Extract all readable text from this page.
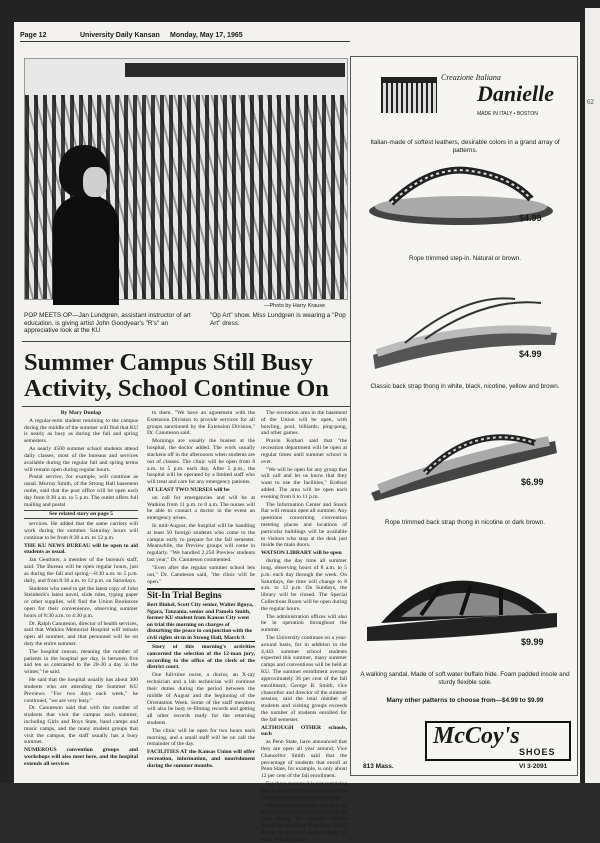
62
Page 12	University Daily Kansan Monday, May 17, 1965
—Photo by Harry Krause
POP MEETS OP—Jan Lundgren, assistant instructor of art education, is giving artist John Goodyear's "R's" an appreciative look at the KU
"Op Art" show. Miss Lundgren is wearing a "Pop Art" dress.
Summer Campus Still Busy Activity, School Continue On

By Mary Dunlap

A regular-term student returning to the campus during the middle of the summer will find that KU is nearly as busy as during the fall and spring semesters.

As nearly 4500 summer school students attend daily classes, most of the bureaus and services available during the regular fall and spring terms will remain open during regular hours.

Postal service, for example, will continue as usual. Murray Smith, of the Strong Hall basement outlet, said that the post office will be open each day from 8:30 a.m. to 5 p.m. The outlet offers full mailing and postal

See related story on page 5

services. He added that the same carriers will work during the summer. Saturday hours will continue to be from 8:30 a.m. to 12 p.m.

THE KU NEWS BUREAU will be open to aid students as usual.

Jan Geuthner, a member of the bureau's staff, said. The Bureau will be open regular hours, just as during the fall and spring—8:30 a.m. to 5 p.m. daily, and from 8:30 a.m. to 12 p.m. on Saturdays.

Students who need to get the latest copy of John Steinbeck's latest novel, slide rules, typing paper or other supplies, will find the Union Bookstore open for their convenience, observing summer hours of 8:30 a.m. to 4:30 p.m.

Dr. Ralph Canuteson, director of health services, said that Watkins Memorial Hospital will remain open all summer, and that personnel will be on duty the entire summer.

The hospital census, meaning the number of patients in the hospital per day, is between five and ten as contrasted to the 20-30 a day in the winter," he said.

He said that the hospital usually has about 300 students who are attending the Summer KU Previews. "For two days each week," he continued, "we are very busy."

Dr. Canuteson said that with the number of students that visit the campus each summer, including Girls and Boys State, band camps and music camps, and the many student groups that visit the campus, the staff usually has a busy summer.

NUMEROUS convention groups and workshops will also meet here, and the hospital extends all services

to them. "We have an agreement with the Extension Division to provide services for all groups sanctioned by the Extension Division," Dr. Canuteson said.

Mornings are usually the busiest at the hospital, the doctor added. The work usually slackens off in the afternoons when students are out of classes. The clinic will be open from 8 a.m. to 5 p.m. each day. After 5 p.m., the hospital will be operated by a limited staff who will treat and care for any emergency patients.

AT LEAST TWO NURSES will be

on call for emergencies and will be at Watkins from 11 p.m. to 8 a.m. The nurses will be able to contact a doctor in the event an emergency arises.

In mid-August, the hospital will be handling at least 50 foreign students who come to the campus early to prepare for the fall semester. Meanwhile, the Preview groups will come in regularly. "We handled 2,250 Preview students last year," Dr. Canuteson commented.

"Even after the regular summer school lets out," Dr. Canuteson said, "the clinic will be open."

Sit-In Trial Begins

Bert Binkel, Scott City senior, Walter Bgoya, Ngara, Tanzania, senior and Pamela Smith, former KU student from Kansas City went on trial this morning on charges of disturbing the peace in conjunction with the civil rights sit-in in Strong Hall, March 9.

Story of this morning's activities concerned the selection of the 12-man jury, according to the office of the clerk of the district court.

One full-time nurse, a doctor, an X-ray technician and a lab technician will continue their duties during the period between the middle of August and the beginning of the Orientation Week. Some of the staff members will also be busy re-filming records and getting all other records ready for the returning students.

The clinic will be open for two hours each morning, and a small staff will be on call the remainder of the day.

FACILITIES AT the Kansas Union will offer recreation, information, and nourishment during the summer months.

The recreation area in the basement of the Union will be open, with bowling, pool, billiards, ping-pong, and other games.

Pravin Kothari said that "the recreation department will be open at regular times until summer school is over.

"We will be open for any group that will call and let us know that they want to use the facilities," Kothari added. The area will be open each evening from 6 to 11 p.m.

The Information Center and Snack Bar will remain open all summer. Any questions concerning convention meeting places and locations of particular buildings will be available to visitors who stop at the desk just inside the main doors.

WATSON LIBRARY will be open

during the day time all summer long, observing hours of 8 a.m. to 5 p.m. each day through the week. On Saturdays, the time will change to 8 a.m. to 12 p.m. On Sundays, the library will be closed. The Special Collections Room will be open during the regular hours.

The administration offices will also be in operation throughout the summer.

The University continues on a year-around basis, for in addition to the 4,443 summer school students expected this summer, many summer camps and conventions will be held at KU. The summer enrollment average approximately 36 per cent of the fall enrollment, George B. Smith, vice chancellor and director of the summer session, said the total number of students and visiting groups exceeds the number of students enrolled for the fall semester.

ALTHOUGH OTHER schools, such

as Penn State, have announced that they are open all year around, Vice Chancellor Smith said that the percentage of students that enroll at Penn State, for example, is only about 12 per cent of the fall enrollment.

For these reasons it is not surprising that so many services and bureaus are open to students during the summer.

Vice Chancellor Smith said that the myth that a state institution relaxes so little during the summer months should be dispelled. A glimpse at KU during the summer would readily do away with this idea.

Creazione Italiana
Danielle
MADE IN ITALY • BOSTON
Italian-made of softest leathers, desirable colors in a grand array of patterns.
$4.99
Rope trimmed step-in. Natural or brown.
$4.99
Classic back strap thong in white, black, nicotine, yellow and brown.
$6.99
Rope trimmed back strap thong in nicotine or dark brown.
$9.99
A walking sandal. Made of soft water buffalo hide. Foam padded insole and sturdy flexible sole.
Many other patterns to choose from—$4.99 to $9.99
McCoy's
SHOES
813 Mass.	VI 3-2091
